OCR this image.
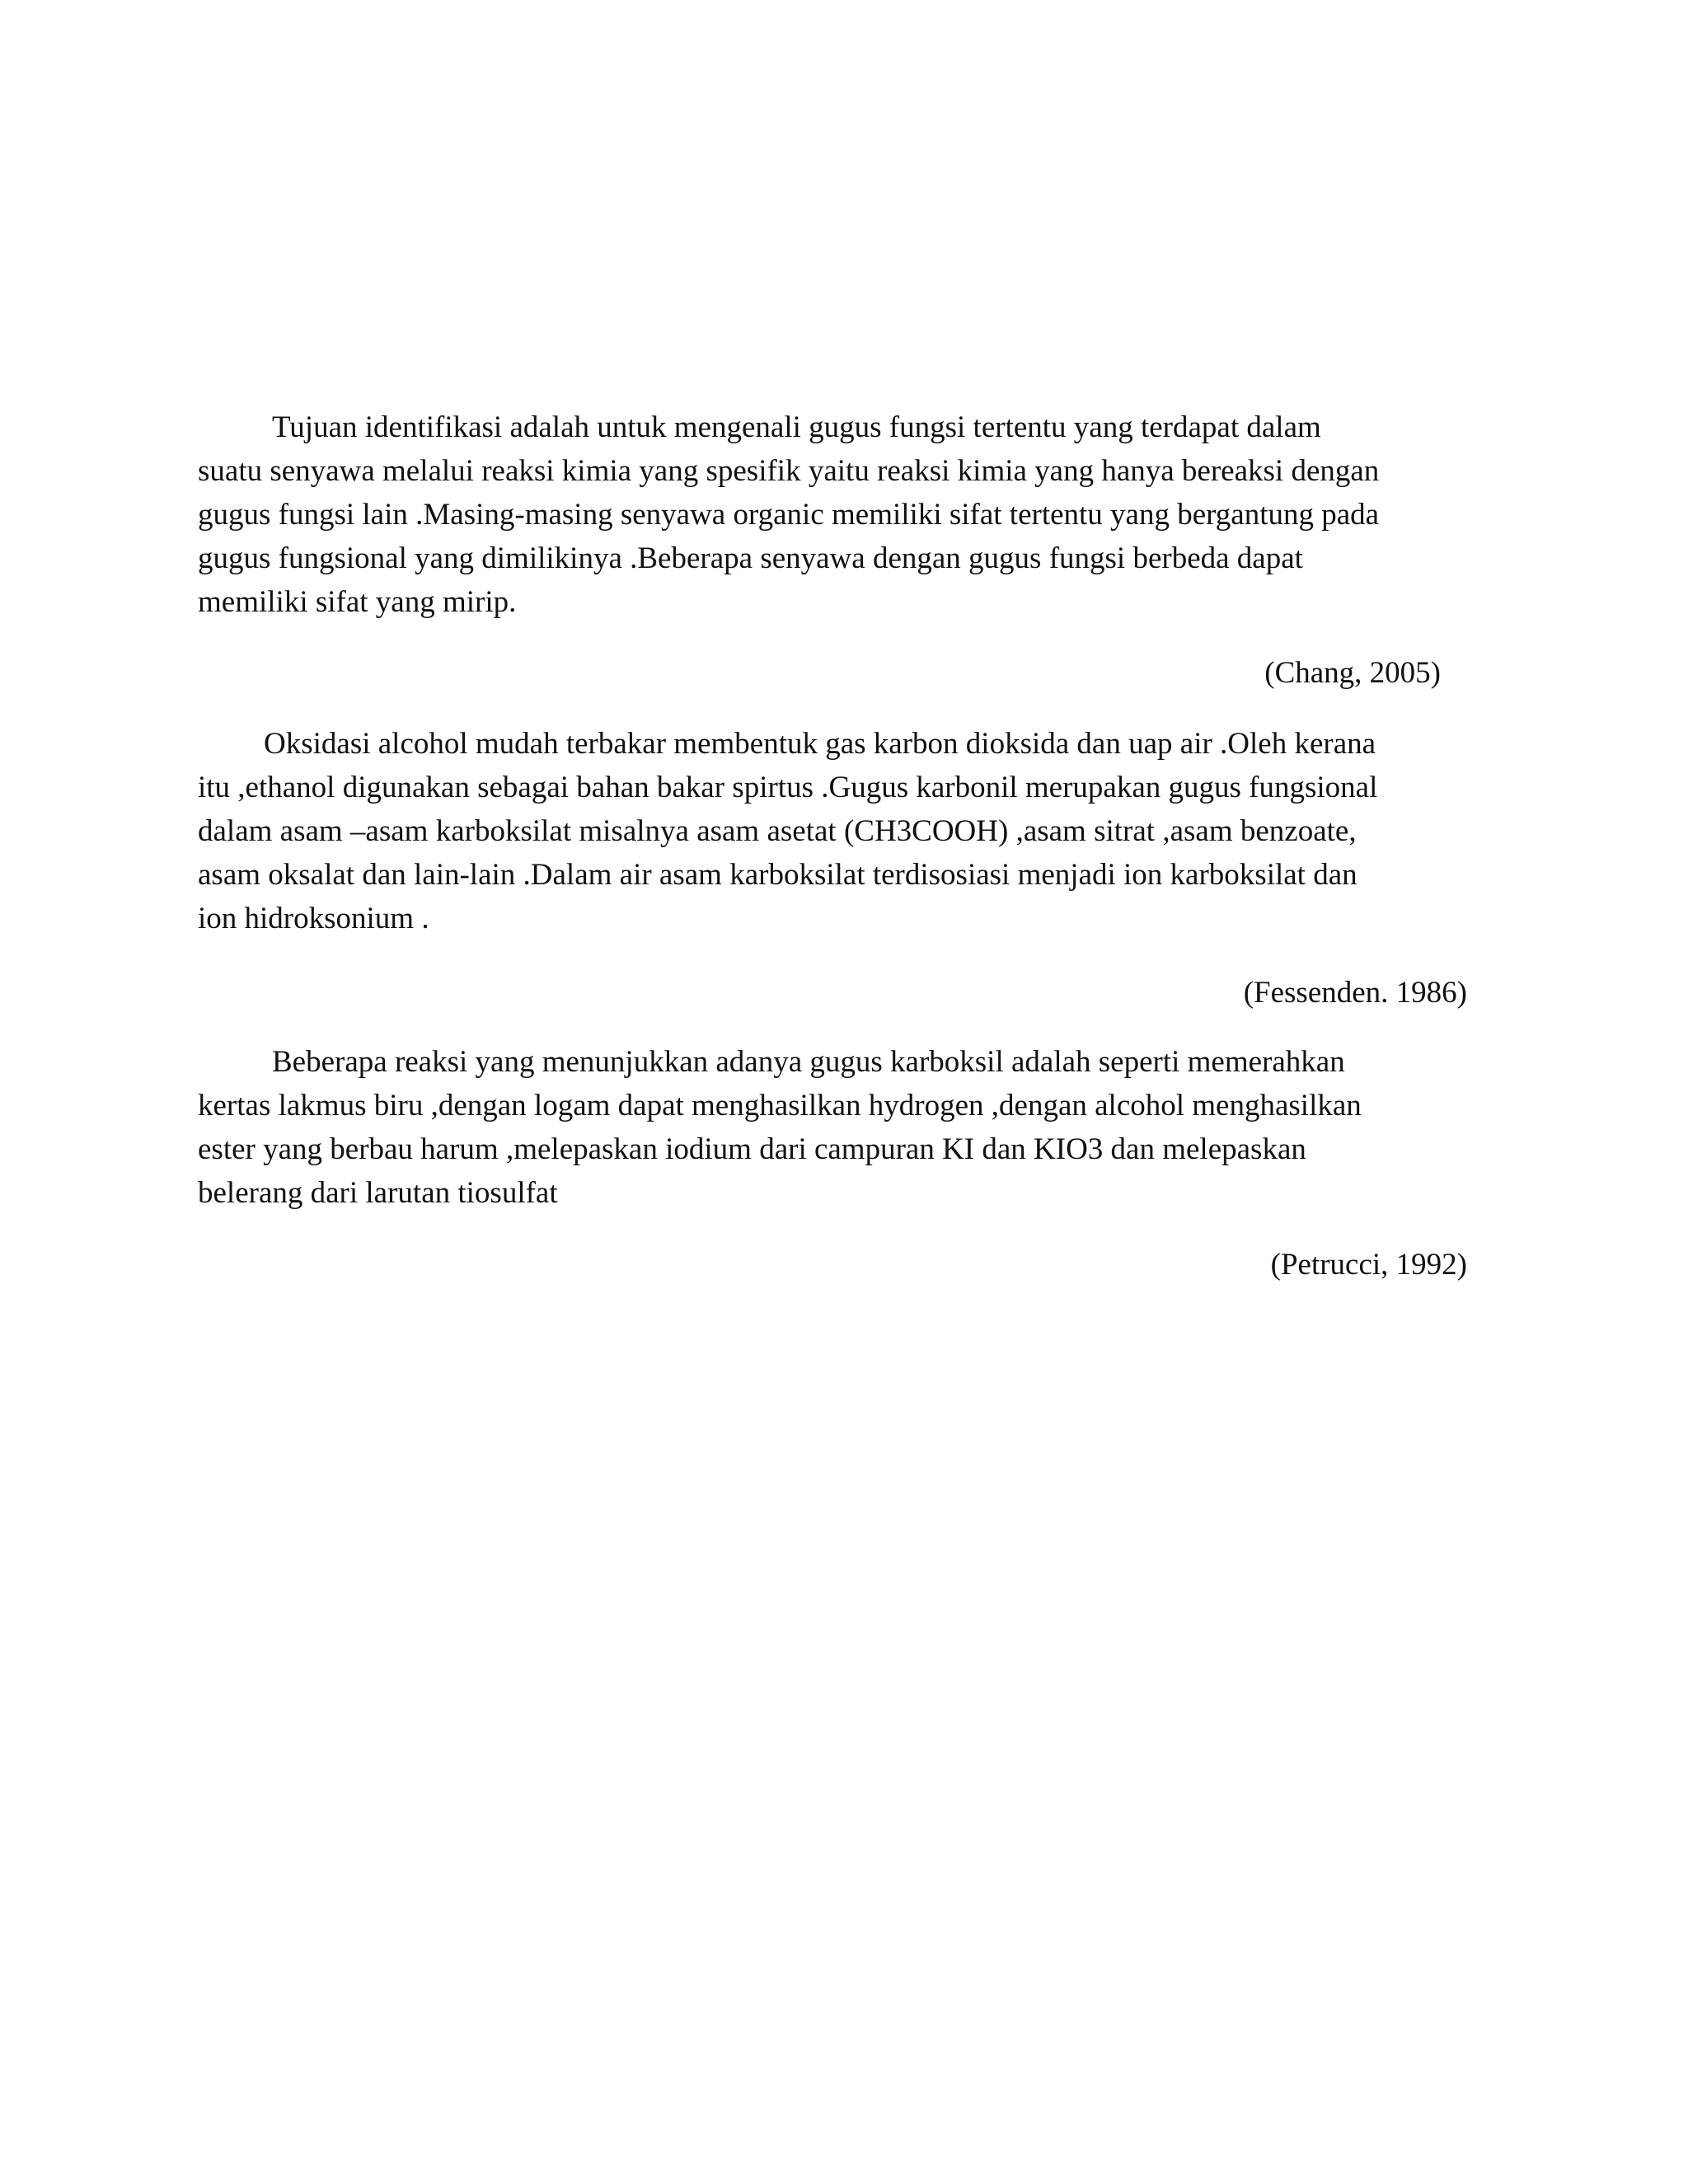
Tujuan identifikasi adalah untuk mengenali gugus fungsi tertentu yang terdapat dalam
suatu senyawa melalui reaksi kimia yang spesifik yaitu reaksi kimia yang hanya bereaksi dengan
gugus fungsi lain .Masing-masing senyawa organic memiliki sifat tertentu yang bergantung pada
gugus fungsional yang dimilikinya .Beberapa senyawa dengan gugus fungsi berbeda dapat
memiliki sifat yang mirip.
(Chang, 2005)
Oksidasi alcohol mudah terbakar membentuk gas karbon dioksida dan uap air .Oleh kerana
itu ,ethanol digunakan sebagai bahan bakar spirtus .Gugus karbonil merupakan gugus fungsional
dalam asam –asam karboksilat misalnya asam asetat (CH3COOH) ,asam sitrat ,asam benzoate,
asam oksalat dan lain-lain .Dalam air asam karboksilat terdisosiasi menjadi ion karboksilat dan
ion hidroksonium .
(Fessenden. 1986)
Beberapa reaksi yang menunjukkan adanya gugus karboksil adalah seperti memerahkan
kertas lakmus biru ,dengan logam dapat menghasilkan hydrogen ,dengan alcohol menghasilkan
ester yang berbau harum ,melepaskan iodium dari campuran KI dan KIO3 dan melepaskan
belerang dari larutan tiosulfat
(Petrucci, 1992)
